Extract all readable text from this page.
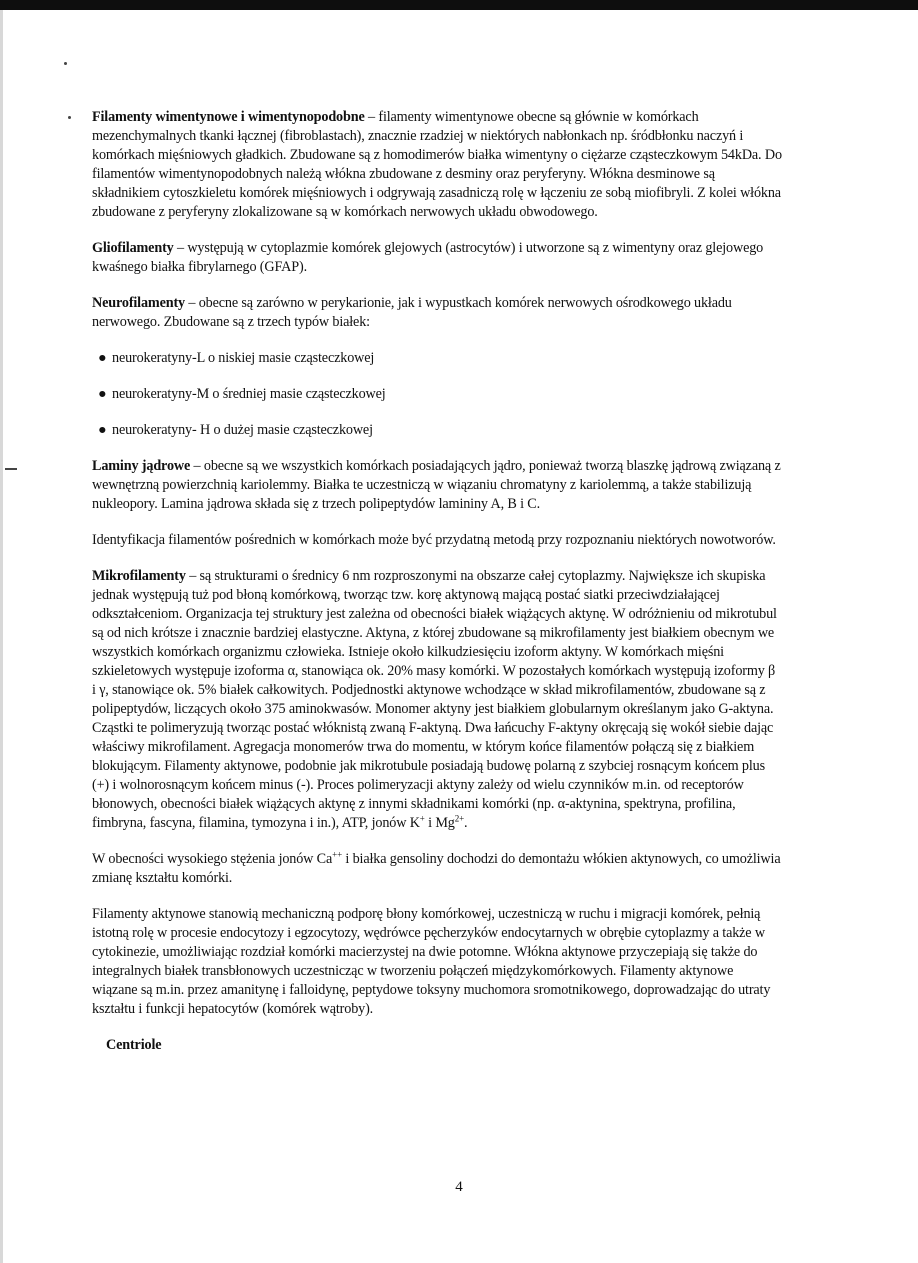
Filamenty wimentynowe i wimentynopodobne – filamenty wimentynowe obecne są głównie w komórkach mezenchymalnych tkanki łącznej (fibroblastach), znacznie rzadziej w niektórych nabłonkach np. śródbłonku naczyń i komórkach mięśniowych gładkich. Zbudowane są z homodimerów białka wimentyny o ciężarze cząsteczkowym 54kDa. Do filamentów wimentynopodobnych należą włókna zbudowane z desminy oraz peryferyny. Włókna desminowe są składnikiem cytoszkieletu komórek mięśniowych i odgrywają zasadniczą rolę w łączeniu ze sobą miofibryli. Z kolei włókna zbudowane z peryferyny zlokalizowane są w komórkach nerwowych układu obwodowego.

Gliofilamenty – występują w cytoplazmie komórek glejowych (astrocytów) i utworzone są z wimentyny oraz glejowego kwaśnego białka fibrylarnego (GFAP).

Neurofilamenty – obecne są zarówno w perykarionie, jak i wypustkach komórek nerwowych ośrodkowego układu nerwowego. Zbudowane są z trzech typów białek:

● neurokeratyny-L o niskiej masie cząsteczkowej
● neurokeratyny-M o średniej masie cząsteczkowej
● neurokeratyny- H o dużej masie cząsteczkowej

Laminy jądrowe – obecne są we wszystkich komórkach posiadających jądro, ponieważ tworzą blaszkę jądrową związaną z wewnętrzną powierzchnią kariolemmy. Białka te uczestniczą w wiązaniu chromatyny z kariolemmą, a także stabilizują nukleopory. Lamina jądrowa składa się z trzech polipeptydów lamininy A, B i C.

Identyfikacja filamentów pośrednich w komórkach może być przydatną metodą przy rozpoznaniu niektórych nowotworów.

Mikrofilamenty – są strukturami o średnicy 6 nm rozproszonymi na obszarze całej cytoplazmy. Największe ich skupiska jednak występują tuż pod błoną komórkową, tworząc tzw. korę aktynową mającą postać siatki przeciwdziałającej odkształceniom. Organizacja tej struktury jest zależna od obecności białek wiążących aktynę. W odróżnieniu od mikrotubul są od nich krótsze i znacznie bardziej elastyczne. Aktyna, z której zbudowane są mikrofilamenty jest białkiem obecnym we wszystkich komórkach organizmu człowieka. Istnieje około kilkudziesięciu izoform aktyny. W komórkach mięśni szkieletowych występuje izoforma α, stanowiąca ok. 20% masy komórki. W pozostałych komórkach występują izoformy β i γ, stanowiące ok. 5% białek całkowitych. Podjednostki aktynowe wchodzące w skład mikrofilamentów, zbudowane są z polipeptydów, liczących około 375 aminokwasów. Monomer aktyny jest białkiem globularnym określanym jako G-aktyna. Cząstki te polimeryzują tworząc postać włóknistą zwaną F-aktyną. Dwa łańcuchy F-aktyny okręcają się wokół siebie dając właściwy mikrofilament. Agregacja monomerów trwa do momentu, w którym końce filamentów połączą się z białkiem blokującym. Filamenty aktynowe, podobnie jak mikrotubule posiadają budowę polarną z szybciej rosnącym końcem plus (+) i wolnorosnącym końcem minus (-). Proces polimeryzacji aktyny zależy od wielu czynników m.in. od receptorów błonowych, obecności białek wiążących aktynę z innymi składnikami komórki (np. α-aktynina, spektryna, profilina, fimbryna, fascyna, filamina, tymozyna i in.), ATP, jonów K+ i $Mg^{2+}$.

W obecności wysokiego stężenia jonów Ca++ i białka gensoliny dochodzi do demontażu włókien aktynowych, co umożliwia zmianę kształtu komórki.

Filamenty aktynowe stanowią mechaniczną podporę błony komórkowej, uczestniczą w ruchu i migracji komórek, pełnią istotną rolę w procesie endocytozy i egzocytozy, wędrówce pęcherzyków endocytarnych w obrębie cytoplazmy a także w cytokinezie, umożliwiając rozdział komórki macierzystej na dwie potomne. Włókna aktynowe przyczepiają się także do integralnych białek transbłonowych uczestnicząc w tworzeniu połączeń międzykomórkowych. Filamenty aktynowe wiązane są m.in. przez amanitynę i falloidynę, peptydowe toksyny muchomora sromotnikowego, doprowadzając do utraty kształtu i funkcji hepatocytów (komórek wątroby).

Centriole
4
